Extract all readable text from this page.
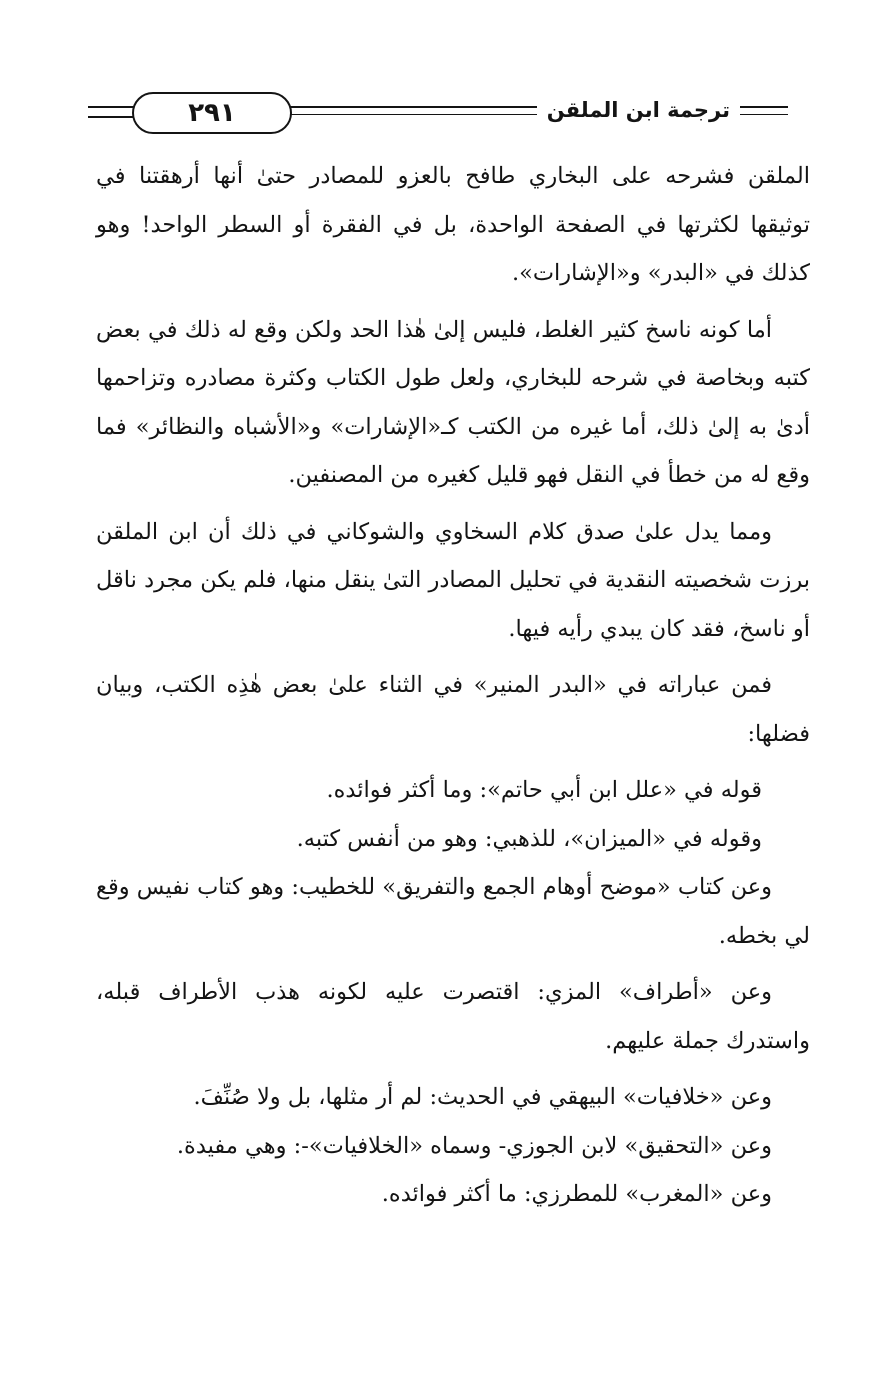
٢٩١	ترجمة ابن الملقن

الملقن فشرحه على البخاري طافح بالعزو للمصادر حتىٰ أنها أرهقتنا في توثيقها لكثرتها في الصفحة الواحدة، بل في الفقرة أو السطر الواحد! وهو كذلك في «البدر» و«الإشارات».

أما كونه ناسخ كثير الغلط، فليس إلىٰ هٰذا الحد ولكن وقع له ذلك في بعض كتبه وبخاصة في شرحه للبخاري، ولعل طول الكتاب وكثرة مصادره وتزاحمها أدىٰ به إلىٰ ذلك، أما غيره من الكتب كـ«الإشارات» و«الأشباه والنظائر» فما وقع له من خطأ في النقل فهو قليل كغيره من المصنفين.

ومما يدل علىٰ صدق كلام السخاوي والشوكاني في ذلك أن ابن الملقن برزت شخصيته النقدية في تحليل المصادر التىٰ ينقل منها، فلم يكن مجرد ناقل أو ناسخ، فقد كان يبدي رأيه فيها.

فمن عباراته في «البدر المنير» في الثناء علىٰ بعض هٰذِه الكتب، وبيان فضلها:

قوله في «علل ابن أبي حاتم»: وما أكثر فوائده.

وقوله في «الميزان»، للذهبي: وهو من أنفس كتبه.

وعن كتاب «موضح أوهام الجمع والتفريق» للخطيب: وهو كتاب نفيس وقع لي بخطه.

وعن «أطراف» المزي: اقتصرت عليه لكونه هذب الأطراف قبله، واستدرك جملة عليهم.

وعن «خلافيات» البيهقي في الحديث: لم أر مثلها، بل ولا صُنِّفَ.

وعن «التحقيق» لابن الجوزي- وسماه «الخلافيات»-: وهي مفيدة.

وعن «المغرب» للمطرزي: ما أكثر فوائده.
